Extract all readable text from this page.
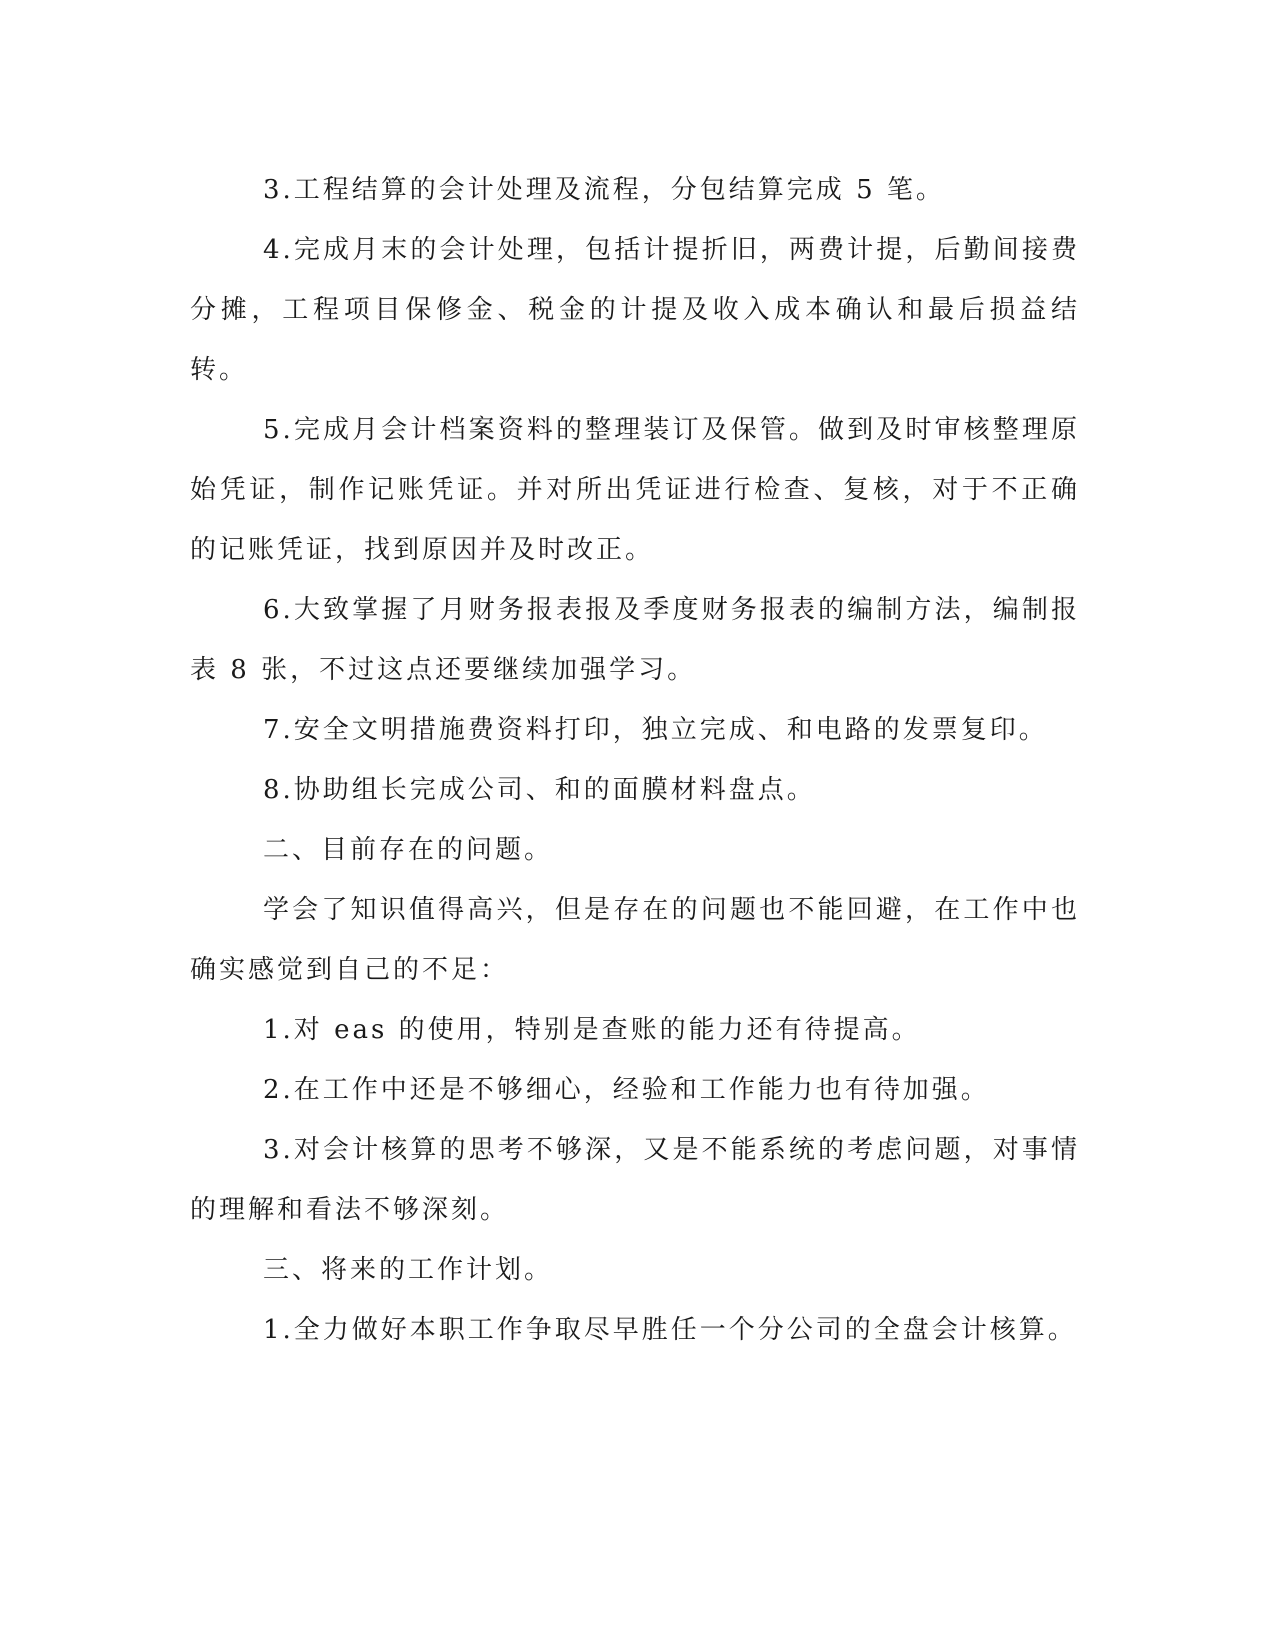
3.工程结算的会计处理及流程，分包结算完成 5 笔。

4.完成月末的会计处理，包括计提折旧，两费计提，后勤间接费分摊，工程项目保修金、税金的计提及收入成本确认和最后损益结转。

5.完成月会计档案资料的整理装订及保管。做到及时审核整理原始凭证，制作记账凭证。并对所出凭证进行检查、复核，对于不正确的记账凭证，找到原因并及时改正。

6.大致掌握了月财务报表报及季度财务报表的编制方法，编制报表 8 张，不过这点还要继续加强学习。

7.安全文明措施费资料打印，独立完成、和电路的发票复印。

8.协助组长完成公司、和的面膜材料盘点。

二、目前存在的问题。

学会了知识值得高兴，但是存在的问题也不能回避，在工作中也确实感觉到自己的不足：

1.对 eas 的使用，特别是查账的能力还有待提高。

2.在工作中还是不够细心，经验和工作能力也有待加强。

3.对会计核算的思考不够深，又是不能系统的考虑问题，对事情的理解和看法不够深刻。

三、将来的工作计划。

1.全力做好本职工作争取尽早胜任一个分公司的全盘会计核算。
